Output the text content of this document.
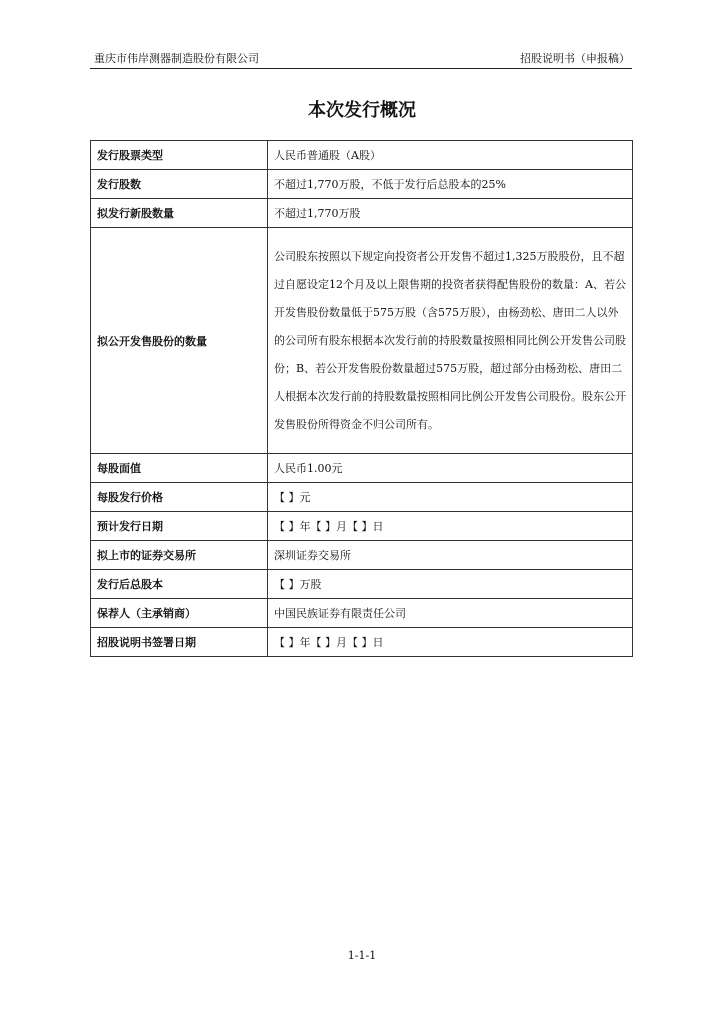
重庆市伟岸测器制造股份有限公司	招股说明书（申报稿）
本次发行概况
发行股票类型	人民币普通股（A股）
发行股数	不超过1,770万股，不低于发行后总股本的25%
拟发行新股数量	不超过1,770万股
拟公开发售股份的数量	公司股东按照以下规定向投资者公开发售不超过1,325万股股份，且不超过自愿设定12个月及以上限售期的投资者获得配售股份的数量：A、若公开发售股份数量低于575万股（含575万股），由杨劲松、唐田二人以外的公司所有股东根据本次发行前的持股数量按照相同比例公开发售公司股份；B、若公开发售股份数量超过575万股，超过部分由杨劲松、唐田二人根据本次发行前的持股数量按照相同比例公开发售公司股份。股东公开发售股份所得资金不归公司所有。
每股面值	人民币1.00元
每股发行价格	【 】元
预计发行日期	【 】年【 】月【 】日
拟上市的证券交易所	深圳证券交易所
发行后总股本	【 】万股
保荐人（主承销商）	中国民族证券有限责任公司
招股说明书签署日期	【 】年【 】月【 】日
1-1-1
